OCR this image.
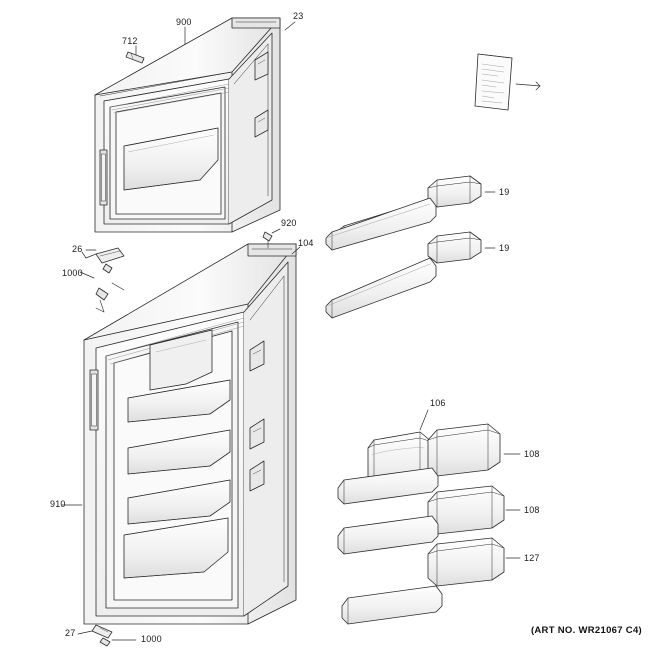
712
900
23
26
1000
920
104
910
27
1000
19
19
106
108
108
127
(ART NO. WR21067 C4)
